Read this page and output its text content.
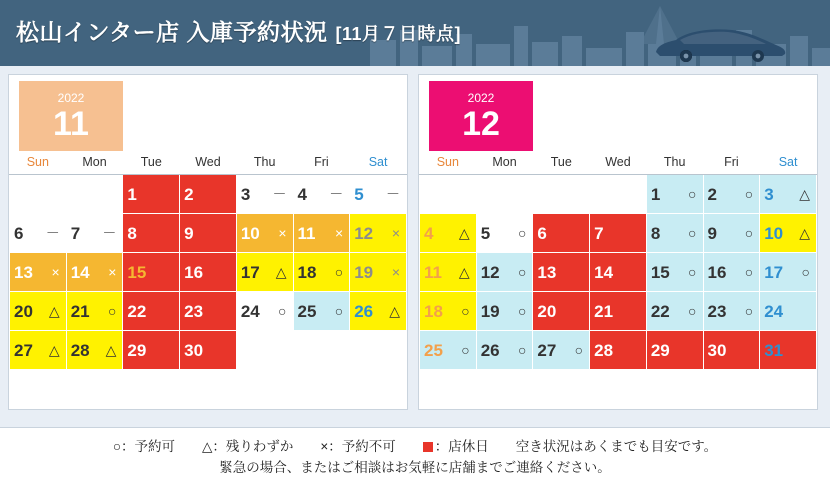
松山インター店 入庫予約状況 [11月７日時点]
2022
11
Sun	Mon	Tue	Wed	Thu	Fri	Sat

		1	2	3 －	4 －	5 －

6 －	7 －	8	9	10 ×	11 ×	12 ×

13 ×	14 ×	15	16	17 △	18 ○	19 ×

20 △	21 ○	22	23	24 ○	25 ○	26 △

27 △	28 △	29	30			

2022
12
Sun	Mon	Tue	Wed	Thu	Fri	Sat

				1 ○	2 ○	3 △

4 △	5 ○	6	7	8 ○	9 ○	10 △

11 △	12 ○	13	14	15 ○	16 ○	17 ○

18 ○	19 ○	20	21	22 ○	23 ○	24

25 ○	26 ○	27 ○	28	29	30	31

○：予約可　　△：残りわずか　　×：予約不可　　：店休日　　空き状況はあくまでも目安です。
緊急の場合、またはご相談はお気軽に店舗までご連絡ください。
